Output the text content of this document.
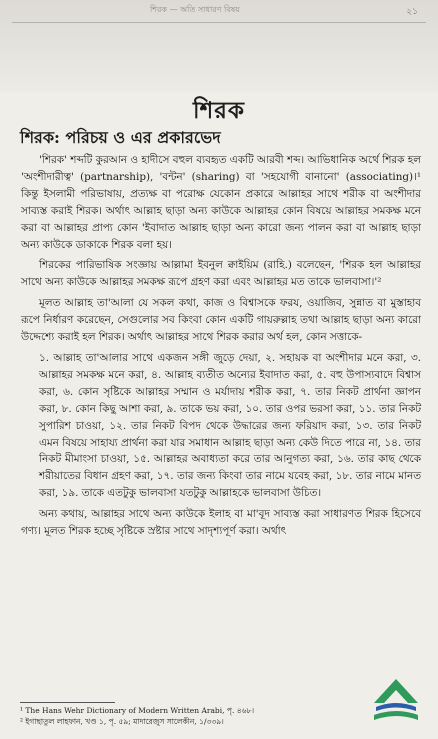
শিরক — অতি সাধারণ বিষয়	২১
শিরক
শিরক: পরিচয় ও এর প্রকারভেদ

'শিরক' শব্দটি কুরআন ও হাদীসে বহুল ব্যবহৃত একটি আরবী শব্দ। আভিধানিক অর্থে শিরক হল 'অংশীদারীত্ব' (partnarship), 'বন্টন' (sharing) বা 'সহযোগী বানানো' (associating)।¹ কিন্তু ইসলামী পরিভাষায়, প্রত্যক্ষ বা পরোক্ষ যেকোন প্রকারে আল্লাহর সাথে শরীক বা অংশীদার সাব্যস্ত করাই শিরক। অর্থাৎ আল্লাহ ছাড়া অন্য কাউকে আল্লাহর কোন বিষয়ে আল্লাহর সমকক্ষ মনে করা বা আল্লাহর প্রাপ্য কোন 'ইবাদাত আল্লাহ ছাড়া অন্য কারো জন্য পালন করা বা আল্লাহ ছাড়া অন্য কাউকে ডাকাকে শিরক বলা হয়।

শিরকের পারিভাষিক সংজ্ঞায় আল্লামা ইবনুল ক্বাইয়িম (রাহি.) বলেছেন, 'শিরক হল আল্লাহর সাথে অন্য কাউকে আল্লাহর সমকক্ষ রূপে গ্রহণ করা এবং আল্লাহর মত তাকে ভালবাসা।'²

মূলত আল্লাহ তা'আলা যে সকল কথা, কাজ ও বিশ্বাসকে ফরয, ওয়াজিব, সুন্নাত বা মুস্তাহাব রূপে নির্ধারণ করেছেন, সেগুলোর সব কিংবা কোন একটি গায়রুল্লাহ তথা আল্লাহ ছাড়া অন্য কারো উদ্দেশ্যে করাই হল শিরক। অর্থাৎ আল্লাহর সাথে শিরক করার অর্থ হল, কোন সত্তাকে-

১. আল্লাহ তা'আলার সাথে একজন সঙ্গী জুড়ে দেয়া, ২. সহায়ক বা অংশীদার মনে করা, ৩. আল্লাহর সমকক্ষ মনে করা, ৪. আল্লাহ ব্যতীত অন্যের ইবাদাত করা, ৫. বহু উপাস্যবাদে বিশ্বাস করা, ৬. কোন সৃষ্টিকে আল্লাহর সম্মান ও মর্যাদায় শরীক করা, ৭. তার নিকট প্রার্থনা জ্ঞাপন করা, ৮. কোন কিছু আশা করা, ৯. তাকে ভয় করা, ১০. তার ওপর ভরসা করা, ১১. তার নিকট সুপারিশ চাওয়া, ১২. তার নিকট বিপদ থেকে উদ্ধারের জন্য ফরিয়াদ করা, ১৩. তার নিকট এমন বিষয়ে সাহায্য প্রার্থনা করা যার সমাধান আল্লাহ ছাড়া অন্য কেউ দিতে পারে না, ১৪. তার নিকট মীমাংসা চাওয়া, ১৫. আল্লাহর অবাধ্যতা করে তার আনুগত্য করা, ১৬. তার কাছ থেকে শরীয়াতের বিধান গ্রহণ করা, ১৭. তার জন্য কিংবা তার নামে যবেহ করা, ১৮. তার নামে মানত করা, ১৯. তাকে এতটুকু ভালবাসা যতটুকু আল্লাহকে ভালবাসা উচিত।

অন্য কথায়, আল্লাহর সাথে অন্য কাউকে ইলাহ বা মা'বূদ সাব্যস্ত করা সাধারণত শিরক হিসেবে গণ্য। মূলত শিরক হচ্ছে সৃষ্টিকে স্রষ্টার সাথে সাদৃশ্যপূর্ণ করা। অর্থাৎ

¹ The Hans Wehr Dictionary of Modern Written Arabi, পৃ. ৪৬৮।
² ইগাছাতুল লাহফান, খণ্ড ১, পৃ. ৫৯; মাদারেজুস সালেকীন, ১/৩৩৯।
